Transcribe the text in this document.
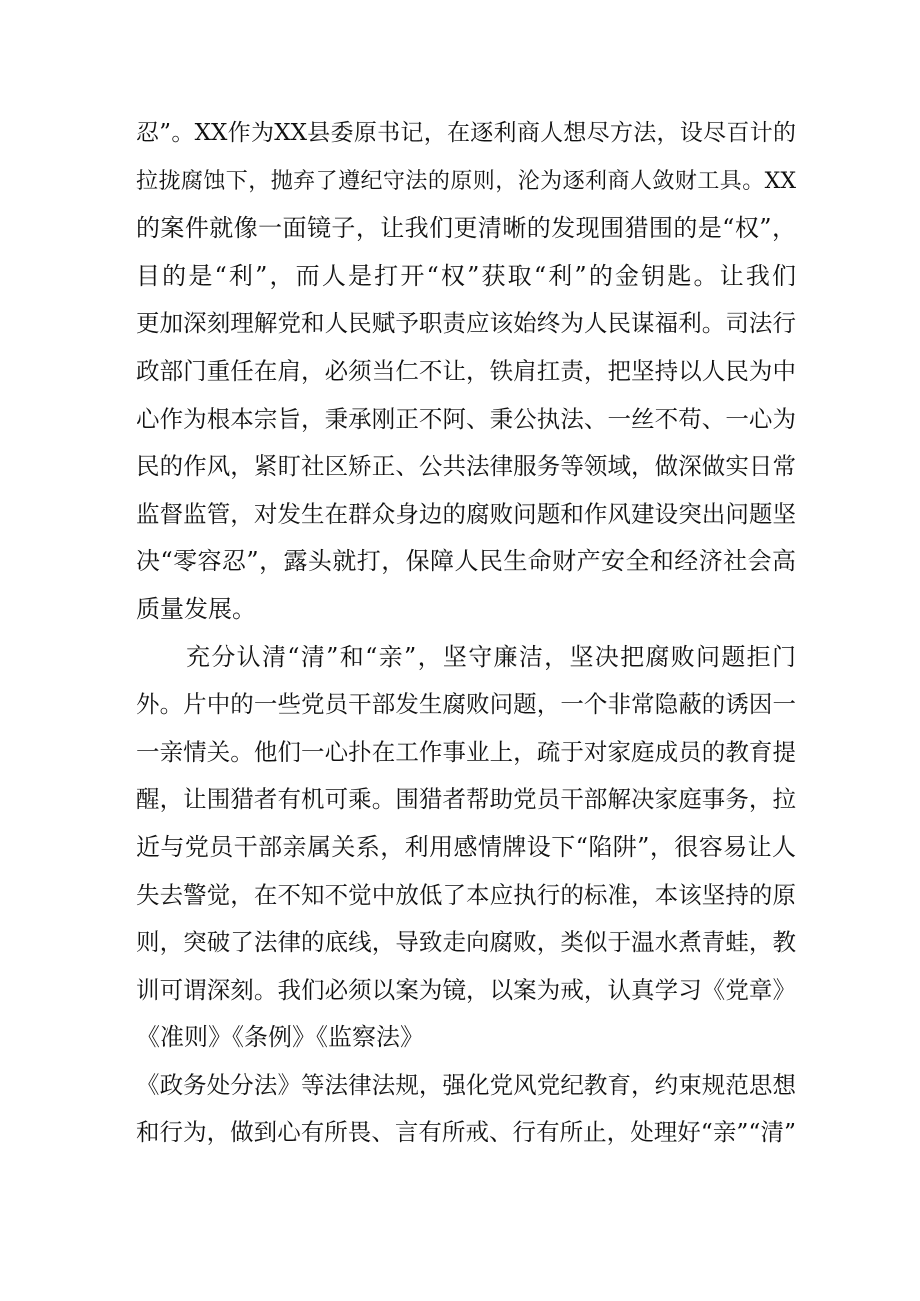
忍”。XX作为XX县委原书记，在逐利商人想尽方法，设尽百计的
拉拢腐蚀下，抛弃了遵纪守法的原则，沦为逐利商人敛财工具。XX
的案件就像一面镜子，让我们更清晰的发现围猎围的是“权”，
目的是“利”，而人是打开“权”获取“利”的金钥匙。让我们
更加深刻理解党和人民赋予职责应该始终为人民谋福利。司法行
政部门重任在肩，必须当仁不让，铁肩扛责，把坚持以人民为中
心作为根本宗旨，秉承刚正不阿、秉公执法、一丝不苟、一心为
民的作风，紧盯社区矫正、公共法律服务等领域，做深做实日常
监督监管，对发生在群众身边的腐败问题和作风建设突出问题坚
决“零容忍”，露头就打，保障人民生命财产安全和经济社会高
质量发展。
充分认清“清”和“亲”，坚守廉洁，坚决把腐败问题拒门
外。片中的一些党员干部发生腐败问题，一个非常隐蔽的诱因一
一亲情关。他们一心扑在工作事业上，疏于对家庭成员的教育提
醒，让围猎者有机可乘。围猎者帮助党员干部解决家庭事务，拉
近与党员干部亲属关系，利用感情牌设下“陷阱”，很容易让人
失去警觉，在不知不觉中放低了本应执行的标准，本该坚持的原
则，突破了法律的底线，导致走向腐败，类似于温水煮青蛙，教
训可谓深刻。我们必须以案为镜，以案为戒，认真学习《党章》
《准则》《条例》《监察法》
《政务处分法》等法律法规，强化党风党纪教育，约束规范思想
和行为，做到心有所畏、言有所戒、行有所止，处理好“亲”“清”
